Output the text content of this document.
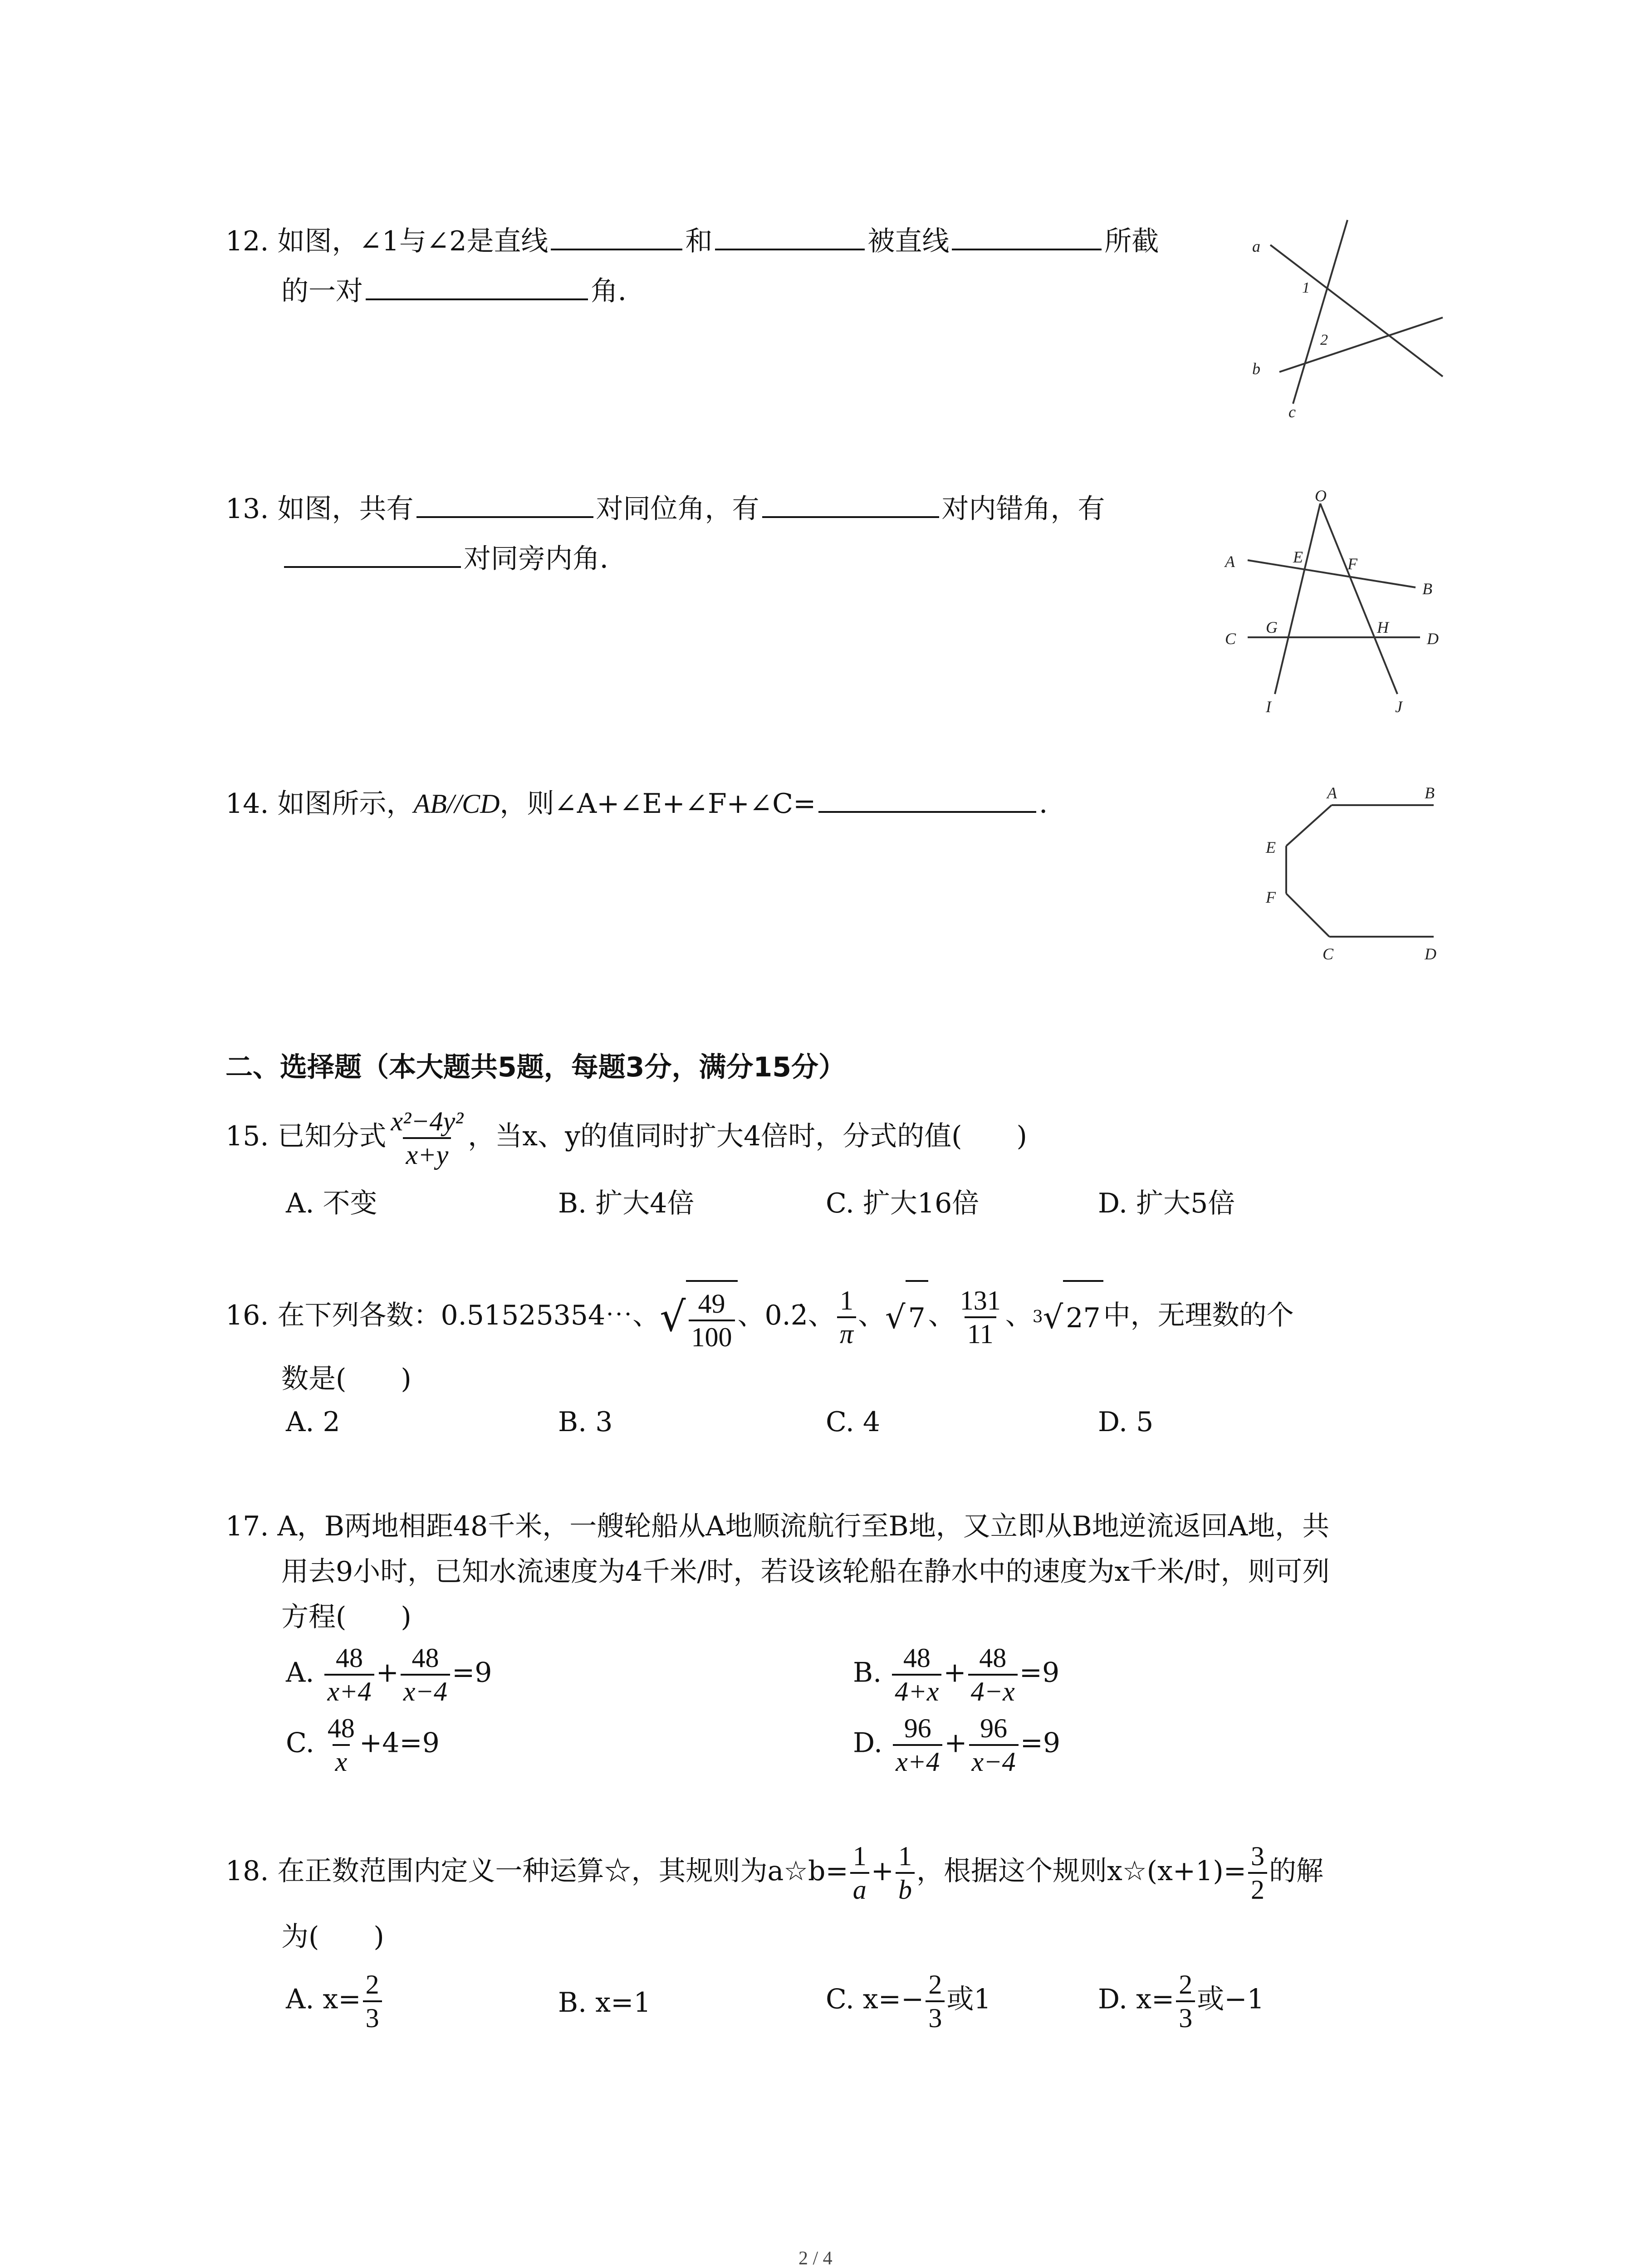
12. 如图，∠1与∠2是直线	和	被直线	所截
的一对	角．
a
b
c
1
2
13. 如图，共有	对同位角，有	对内错角，有
对同旁内角．
O
A	E	F
B
C
G	H
D
I	J
14. 如图所示，AB//CD，则∠A+∠E+∠F+∠C=	．	A	B
E
F
C	D
二、选择题（本大题共5题，每题3分，满分15分）
15. 已知分式 $\frac{\text{x²−4y²}}{x+y}$ ，当x、y的值同时扩大4倍时，分式的值(　　)
A. 不变	B. 扩大4倍	C. 扩大16倍	D. 扩大5倍
16. 在下列各数：0.51525354⋯、 √ $\frac{49}{100}$ 、0.2̇、 $\frac{1}{\pi}$ 、 √ 7 、 $\frac{131}{11}$ 、 3 √ 27 中，无理数的个
数是(　　)
A. 2	B. 3	C. 4	D. 5
17. A，B两地相距48千米，一艘轮船从A地顺流航行至B地，又立即从B地逆流返回A地，共
用去9小时，已知水流速度为4千米/时，若设该轮船在静水中的速度为x千米/时，则可列
方程(　　)
A. $\frac{48}{x+4} + \frac{48}{x-4} =9$	B. $\frac{48}{4+x} + \frac{48}{4-x} =9$
C. $\frac{48}{x} +4=9$	D. $\frac{96}{x+4} + \frac{96}{x-4} =9$
18. 在正数范围内定义一种运算☆，其规则为a☆b= $\frac{1}{a} + \frac{1}{b}$ ，根据这个规则x☆(x+1)= $\frac{3}{2}$ 的解
为(　　)
A. $x= \frac{2}{3}$	B. x=1	C. $x=- \frac{2}{3}$ 或1	D. $x= \frac{2}{3}$ 或−1
2 / 4
